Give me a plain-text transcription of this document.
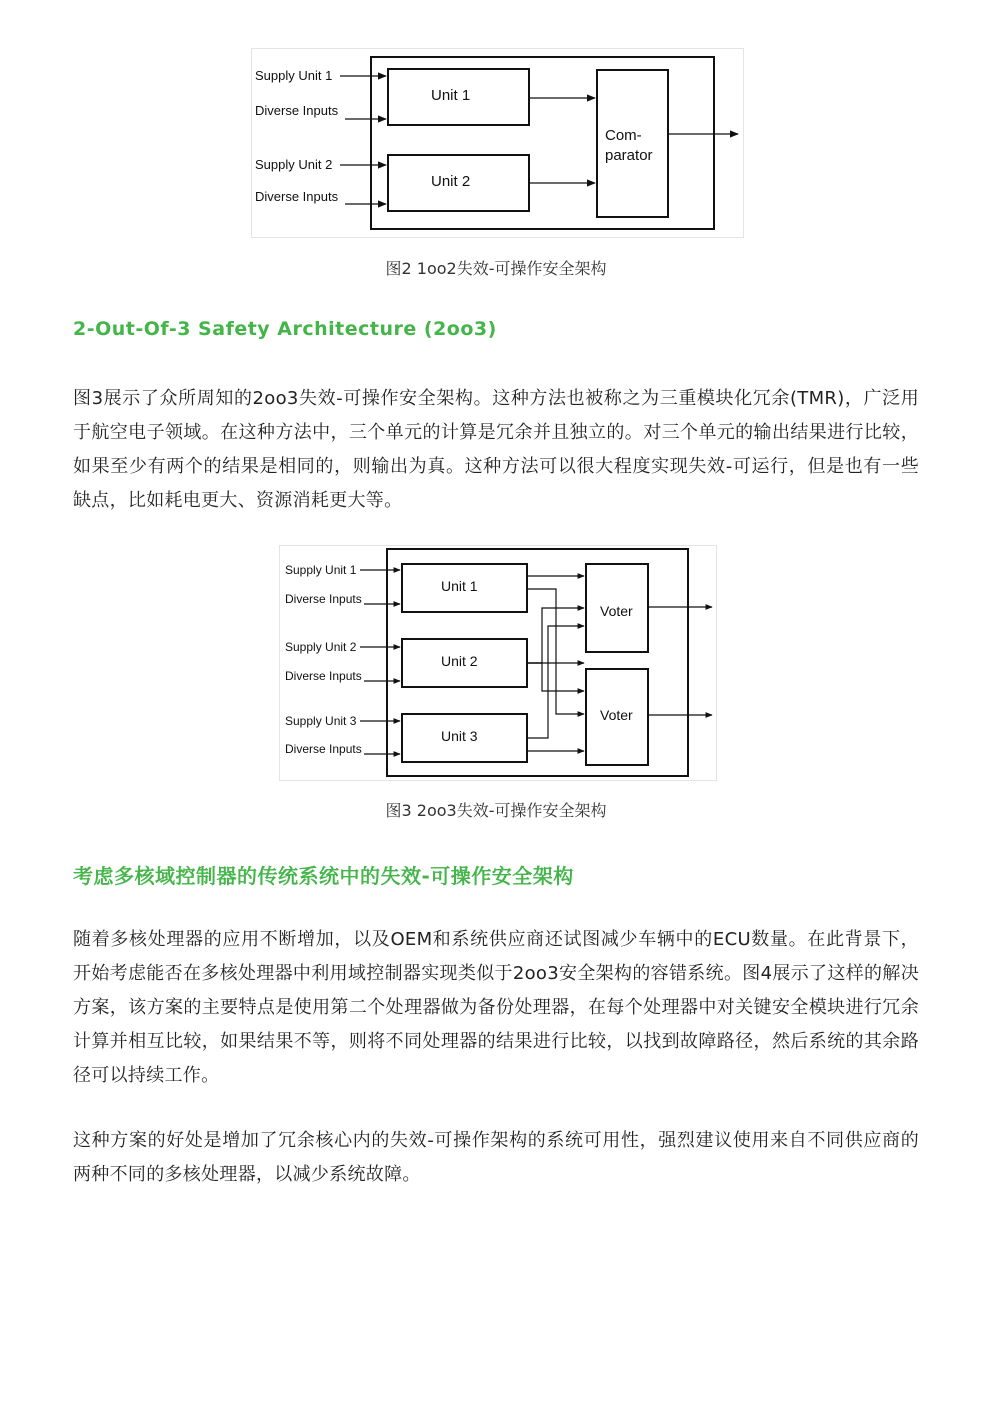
Supply Unit 1
Diverse Inputs
Supply Unit 2
Diverse Inputs
Unit 1
Unit 2
Com-
parator
图2 1oo2失效-可操作安全架构
2-Out-Of-3 Safety Architecture (2oo3)

图3展示了众所周知的2oo3失效-可操作安全架构。这种方法也被称之为三重模块化冗余(TMR)，广泛用于航空电子领域。在这种方法中，三个单元的计算是冗余并且独立的。对三个单元的输出结果进行比较，如果至少有两个的结果是相同的，则输出为真。这种方法可以很大程度实现失效-可运行，但是也有一些缺点，比如耗电更大、资源消耗更大等。

Supply Unit 1
Diverse Inputs
Supply Unit 2
Diverse Inputs
Supply Unit 3
Diverse Inputs
Unit 1
Unit 2
Unit 3
Voter
Voter
图3 2oo3失效-可操作安全架构
考虑多核域控制器的传统系统中的失效-可操作安全架构

随着多核处理器的应用不断增加，以及OEM和系统供应商还试图减少车辆中的ECU数量。在此背景下，开始考虑能否在多核处理器中利用域控制器实现类似于2oo3安全架构的容错系统。图4展示了这样的解决方案，该方案的主要特点是使用第二个处理器做为备份处理器，在每个处理器中对关键安全模块进行冗余计算并相互比较，如果结果不等，则将不同处理器的结果进行比较，以找到故障路径，然后系统的其余路径可以持续工作。

这种方案的好处是增加了冗余核心内的失效-可操作架构的系统可用性，强烈建议使用来自不同供应商的两种不同的多核处理器，以减少系统故障。
